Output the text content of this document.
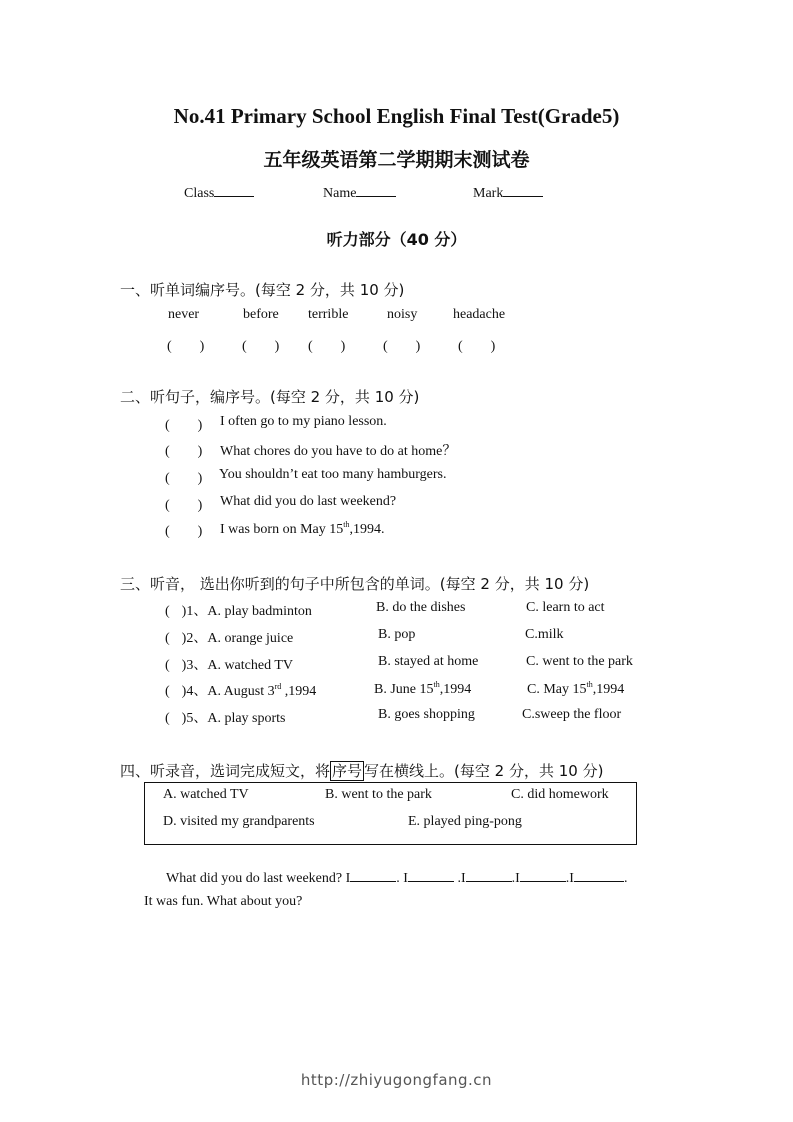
No.41 Primary School English Final Test(Grade5)
五年级英语第二学期期末测试卷
Class	Name	Mark
听力部分（40 分）
一、听单词编序号。(每空 2 分，共 10 分)
never	before terrible	noisy	headache
(　　)	(　　) (　　)	(　　)	(　　)
二、听句子，编序号。(每空 2 分，共 10 分)
(　　) I often go to my piano lesson.
(　　) What chores do you have to do at home？
(　　) You shouldn’t eat too many hamburgers.
(　　) What did you do last weekend?
(　　) I was born on May 15th,1994.
三、听音， 选出你听到的句子中所包含的单词。(每空 2 分，共 10 分)
( )1、A. play badminton	B. do the dishes	C. learn to act
( )2、A. orange juice	B. pop	C.milk
( )3、A. watched TV	B. stayed at home	C. went to the park
( )4、A. August 3rd ,1994	B. June 15th,1994	C. May 15th,1994
( )5、A. play sports	B. goes shopping	C.sweep the floor
四、听录音，选词完成短文，将 序号 写在横线上。(每空 2 分，共 10 分)
A. watched TV	B. went to the park	C. did homework
D. visited my grandparents	E. played ping-pong
What did you do last weekend? I	. I	.I	.I	.I	.
It was fun. What about you?
http://zhiyugongfang.cn
